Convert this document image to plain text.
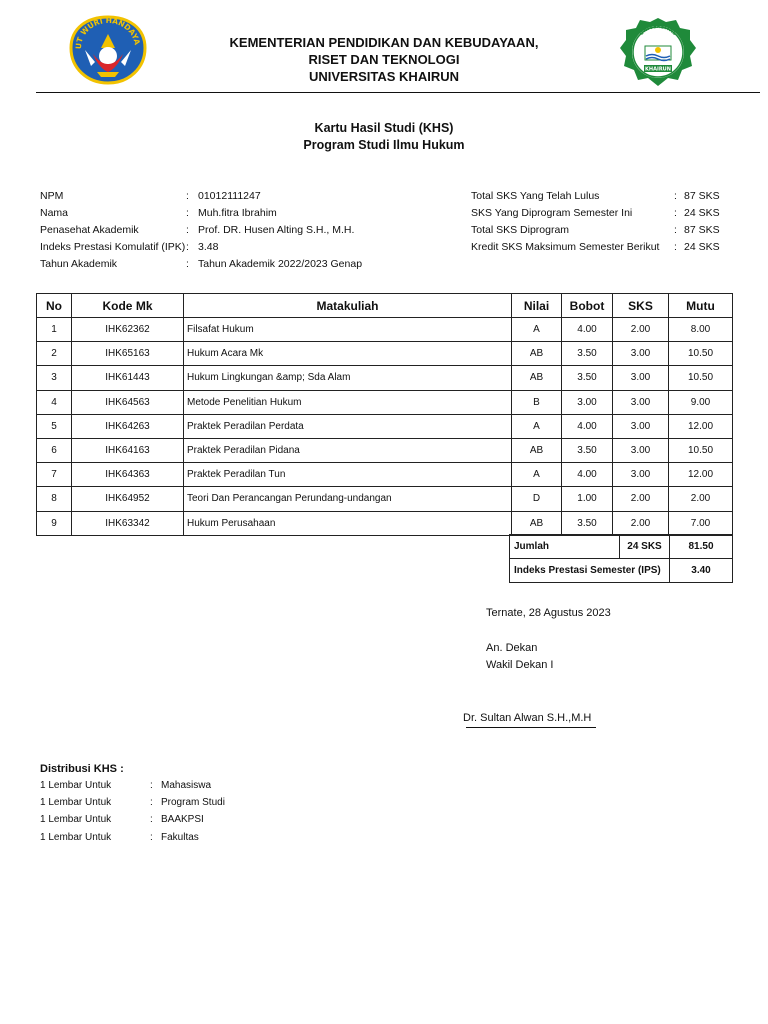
UT WURI HANDAYA	KEMENTERIAN PENDIDIKAN DAN KEBUDAYAAN,
RISET DAN TEKNOLOGI
UNIVERSITAS KHAIRUN
UNIVERSITAS
KHAIRUN
Kartu Hasil Studi (KHS)
Program Studi Ilmu Hukum
NPM	: 01012111247
Nama	: Muh.fitra Ibrahim
Penasehat Akademik	: Prof. DR. Husen Alting S.H., M.H.
Indeks Prestasi Komulatif (IPK) : 3.48
Tahun Akademik	: Tahun Akademik 2022/2023 Genap
Total SKS Yang Telah Lulus	: 87 SKS
SKS Yang Diprogram Semester Ini	: 24 SKS
Total SKS Diprogram	: 87 SKS
Kredit SKS Maksimum Semester Berikut : 24 SKS
No	Kode Mk	Matakuliah	Nilai	Bobot	SKS	Mutu
1	IHK62362	Filsafat Hukum	A	4.00	2.00	8.00
2	IHK65163	Hukum Acara Mk	AB	3.50	3.00	10.50
3	IHK61443	Hukum Lingkungan &amp; Sda Alam	AB	3.50	3.00	10.50
4	IHK64563	Metode Penelitian Hukum	B	3.00	3.00	9.00
5	IHK64263	Praktek Peradilan Perdata	A	4.00	3.00	12.00
6	IHK64163	Praktek Peradilan Pidana	AB	3.50	3.00	10.50
7	IHK64363	Praktek Peradilan Tun	A	4.00	3.00	12.00
8	IHK64952	Teori Dan Perancangan Perundang-undangan	D	1.00	2.00	2.00
9	IHK63342	Hukum Perusahaan	AB	3.50	2.00	7.00
Jumlah	24 SKS	81.50
Indeks Prestasi Semester (IPS)		3.40
Ternate, 28 Agustus 2023
An. Dekan
Wakil Dekan I
Dr. Sultan Alwan S.H.,M.H
Distribusi KHS :
1 Lembar Untuk	: Mahasiswa
1 Lembar Untuk	: Program Studi
1 Lembar Untuk	: BAAKPSI
1 Lembar Untuk	: Fakultas
